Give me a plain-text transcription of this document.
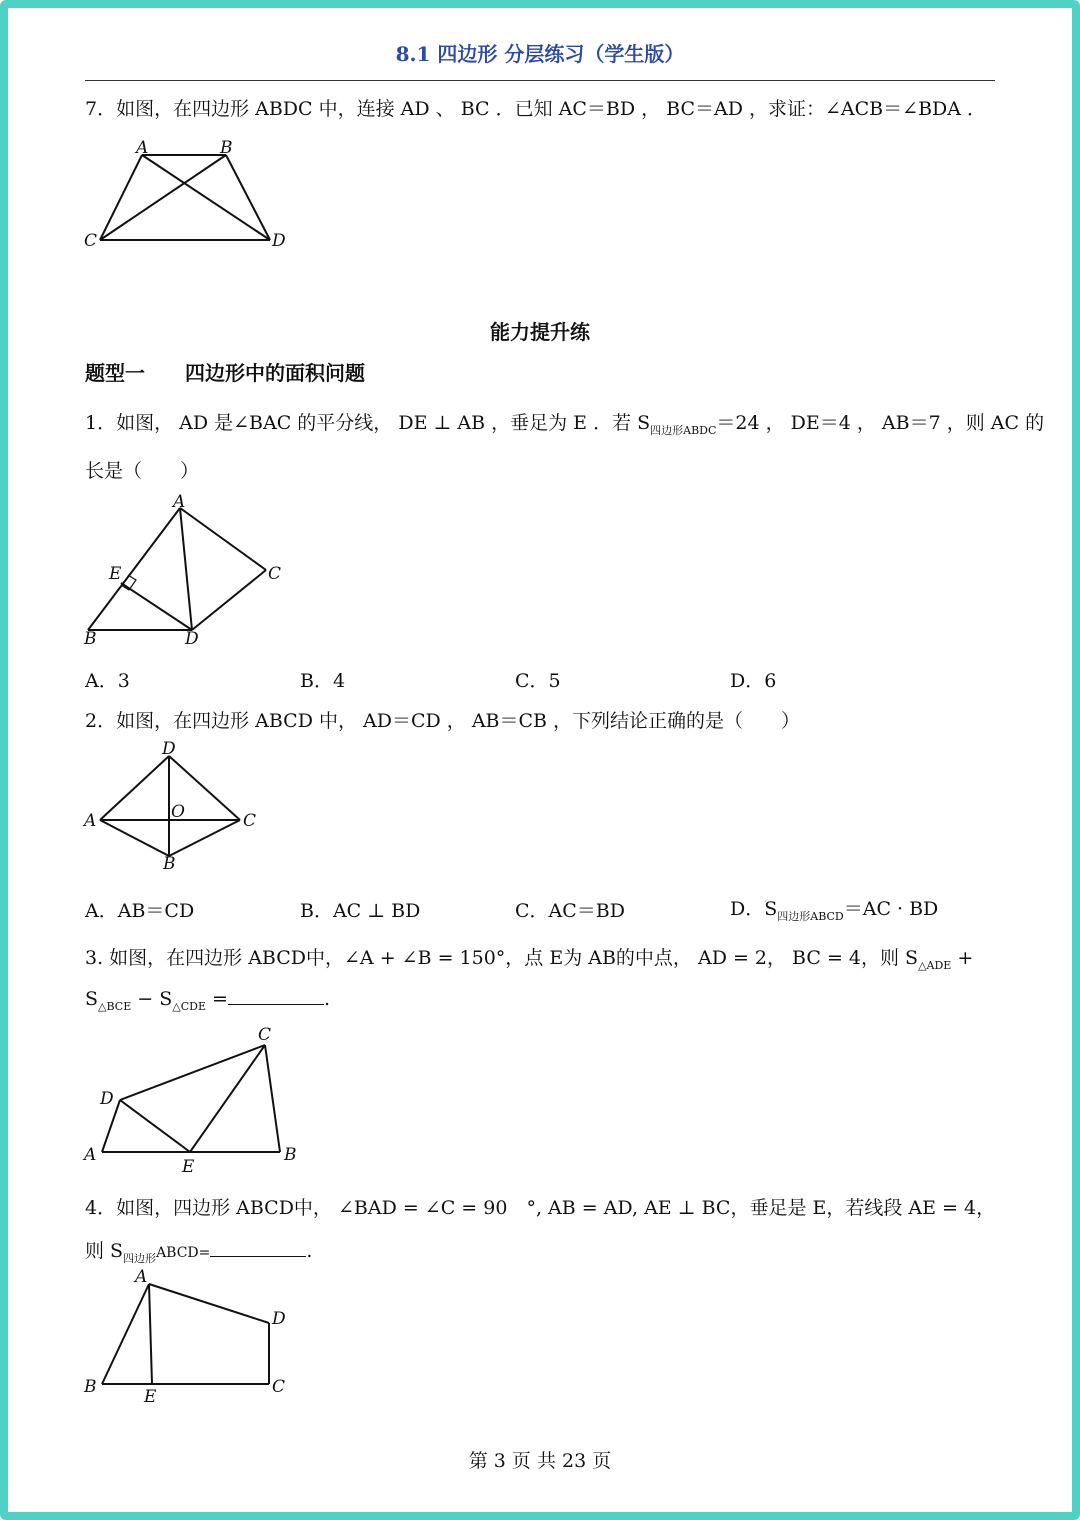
8.1 四边形 分层练习（学生版）
7．如图，在四边形 ABDC 中，连接 AD 、 BC ．已知 AC＝BD ， BC＝AD ，求证：∠ACB＝∠BDA ．
A	B
C	D
能力提升练
题型一　　四边形中的面积问题
1．如图， AD 是∠BAC 的平分线， DE ⊥ AB ，垂足为 E ．若 $S_{四边形ABDC}=24$ ， DE＝4 ， AB＝7 ，则 AC 的
长是（　　）
A
B
C
D
E
A．3	B．4	C．5	D．6
2．如图，在四边形 ABCD 中， AD＝CD ， AB＝CB ，下列结论正确的是（　　）
D
A	C
B
O
A．AB＝CD	B．AC ⊥ BD	C．AC＝BD	D．$S_{四边形ABCD}=AC$ · BD
3. 如图，在四边形 ABCD中，∠A + ∠B = 150°，点 E为 AB的中点， AD = 2， BC = 4，则 $S_{\triangle ADE}$ +
$S_{\triangle BCE} - S_{\triangle CDE}$ =	.
C
D
A
E
B
4．如图，四边形 ABCD中， ∠BAD = ∠C = 90　°, AB = AD, AE ⊥ BC，垂足是 E，若线段 AE = 4，
则 $S_{四边形}ABCD=$	.
A
B	E	C
D
第 3 页 共 23 页
